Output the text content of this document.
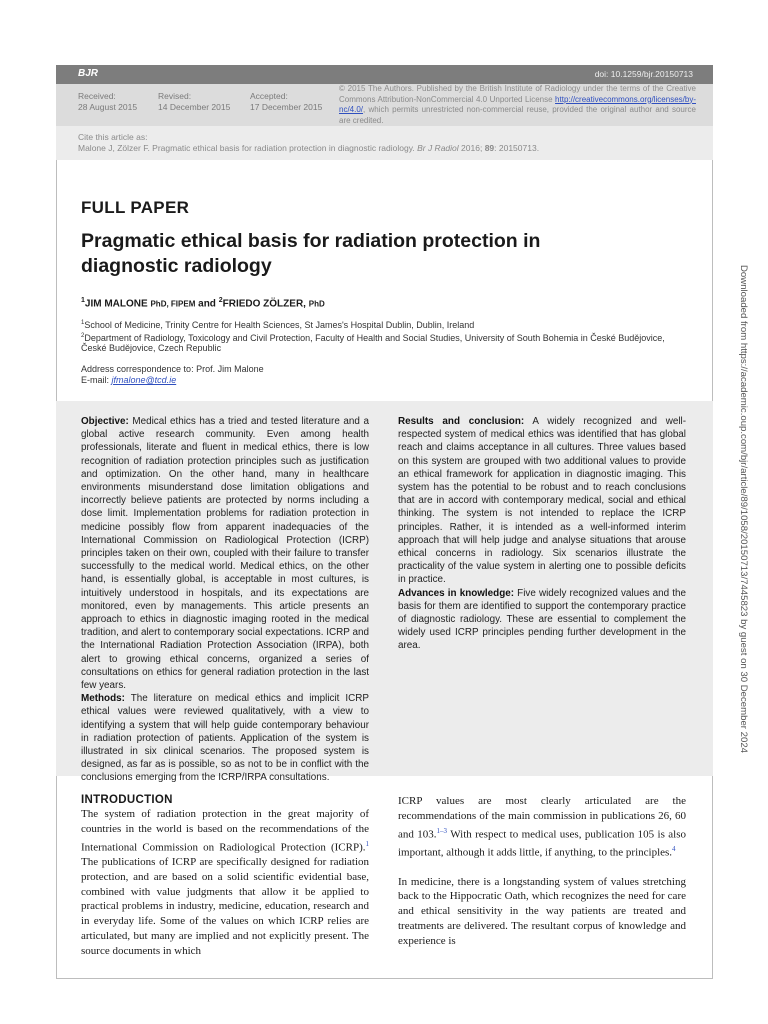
BJR	doi: 10.1259/bjr.20150713
Received:
28 August 2015
Revised:
14 December 2015
Accepted:
17 December 2015
© 2015 The Authors. Published by the British Institute of Radiology under the terms of the Creative Commons Attribution-NonCommercial 4.0 Unported License http://creativecommons.org/licenses/by-nc/4.0/, which permits unrestricted non-commercial reuse, provided the original author and source are credited.
Cite this article as:
Malone J, Zölzer F. Pragmatic ethical basis for radiation protection in diagnostic radiology. Br J Radiol 2016; 89: 20150713.
FULL PAPER
Pragmatic ethical basis for radiation protection in diagnostic radiology
$^1$JIM MALONE PhD, FIPEM and $^2$FRIEDO ZÖLZER, PhD
$^1$School of Medicine, Trinity Centre for Health Sciences, St James's Hospital Dublin, Dublin, Ireland
$^2$Department of Radiology, Toxicology and Civil Protection, Faculty of Health and Social Studies, University of South Bohemia in České Budějovice, České Budějovice, Czech Republic
Address correspondence to: Prof. Jim Malone
E-mail: jfmalone@tcd.ie
Objective: Medical ethics has a tried and tested literature and a global active research community. Even among health professionals, literate and fluent in medical ethics, there is low recognition of radiation protection principles such as justification and optimization. On the other hand, many in healthcare environments misunderstand dose limitation obligations and incorrectly believe patients are protected by norms including a dose limit. Implementation problems for radiation protection in medicine possibly flow from apparent inadequacies of the International Commission on Radiological Protection (ICRP) principles taken on their own, coupled with their failure to transfer successfully to the medical world. Medical ethics, on the other hand, is essentially global, is acceptable in most cultures, is intuitively understood in hospitals, and its expectations are monitored, even by managements. This article presents an approach to ethics in diagnostic imaging rooted in the medical tradition, and alert to contemporary social expectations. ICRP and the International Radiation Protection Association (IRPA), both alert to growing ethical concerns, organized a series of consultations on ethics for general radiation protection in the last few years.
Methods: The literature on medical ethics and implicit ICRP ethical values were reviewed qualitatively, with a view to identifying a system that will help guide contemporary behaviour in radiation protection of patients. Application of the system is illustrated in six clinical scenarios. The proposed system is designed, as far as is possible, so as not to be in conflict with the conclusions emerging from the ICRP/IRPA consultations.
Results and conclusion: A widely recognized and well-respected system of medical ethics was identified that has global reach and claims acceptance in all cultures. Three values based on this system are grouped with two additional values to provide an ethical framework for application in diagnostic imaging. This system has the potential to be robust and to reach conclusions that are in accord with contemporary medical, social and ethical thinking. The system is not intended to replace the ICRP principles. Rather, it is intended as a well-informed interim approach that will help judge and analyse situations that arouse ethical concerns in radiology. Six scenarios illustrate the practicality of the value system in alerting one to possible deficits in practice.
Advances in knowledge: Five widely recognized values and the basis for them are identified to support the contemporary practice of diagnostic radiology. These are essential to complement the widely used ICRP principles pending further development in the area.
INTRODUCTION

The system of radiation protection in the great majority of countries in the world is based on the recommendations of the International Commission on Radiological Protection (ICRP).$^1$ The publications of ICRP are specifically designed for radiation protection, and are based on a solid scientific evidential base, combined with value judgments that allow it be applied to practical problems in industry, medicine, education, research and in everyday life. Some of the values on which ICRP relies are articulated, but many are implied and not explicitly present. The source documents in which

ICRP values are most clearly articulated are the recommendations of the main commission in publications 26, 60 and 103.$^{1-3}$ With respect to medical uses, publication 105 is also important, although it adds little, if anything, to the principles.$^4$

In medicine, there is a longstanding system of values stretching back to the Hippocratic Oath, which recognizes the need for care and ethical sensitivity in the way patients are treated and treatments are delivered. The resultant corpus of knowledge and experience is

Downloaded from https://academic.oup.com/bjr/article/89/1058/20150713/7445823 by guest on 30 December 2024
